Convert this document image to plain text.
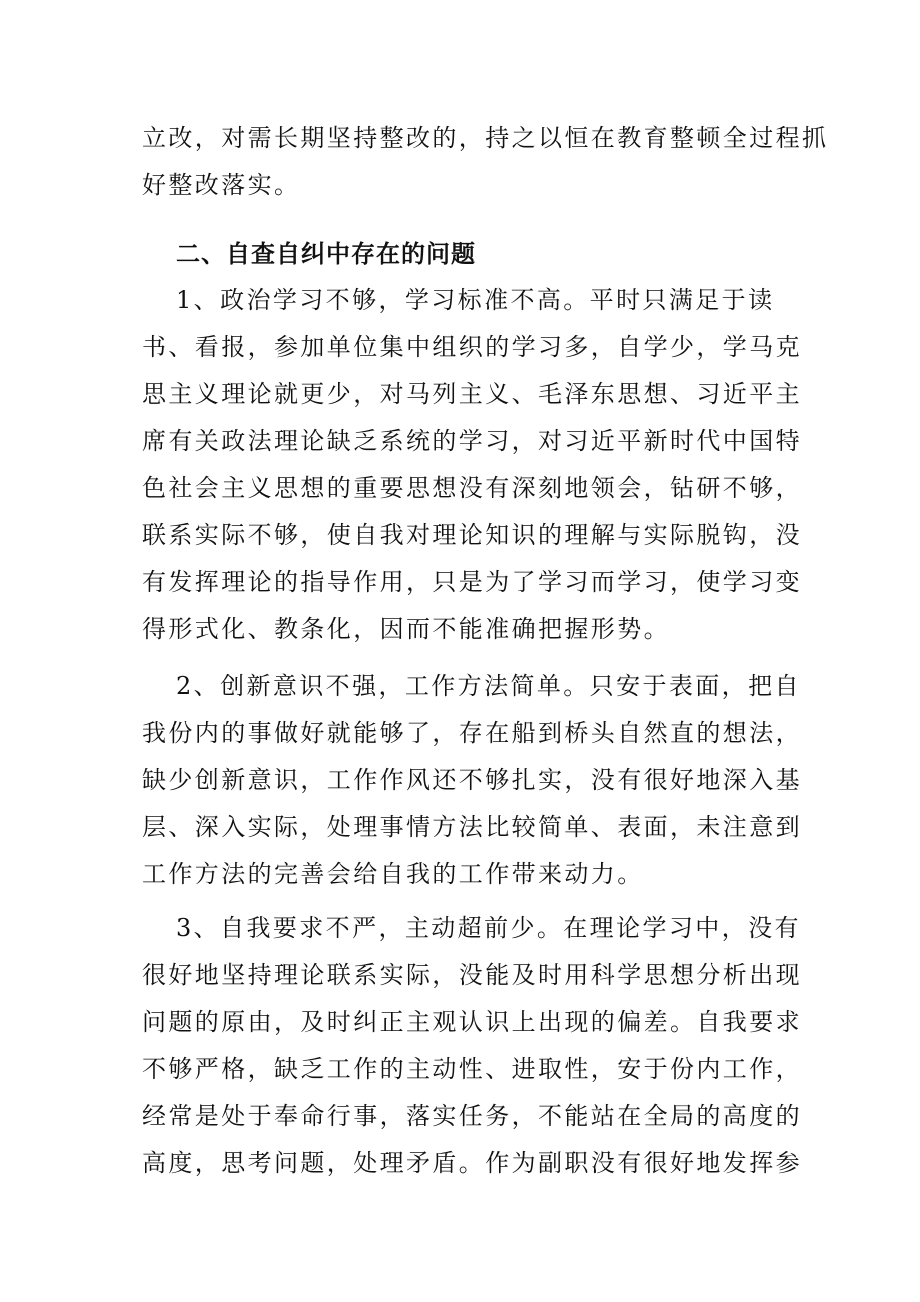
立改，对需长期坚持整改的，持之以恒在教育整顿全过程抓
好整改落实。
二、自查自纠中存在的问题
1、政治学习不够，学习标准不高。平时只满足于读
书、看报，参加单位集中组织的学习多，自学少，学马克
思主义理论就更少，对马列主义、毛泽东思想、习近平主
席有关政法理论缺乏系统的学习，对习近平新时代中国特
色社会主义思想的重要思想没有深刻地领会，钻研不够，
联系实际不够，使自我对理论知识的理解与实际脱钩，没
有发挥理论的指导作用，只是为了学习而学习，使学习变
得形式化、教条化，因而不能准确把握形势。
2、创新意识不强，工作方法简单。只安于表面，把自
我份内的事做好就能够了，存在船到桥头自然直的想法，
缺少创新意识，工作作风还不够扎实，没有很好地深入基
层、深入实际，处理事情方法比较简单、表面，未注意到
工作方法的完善会给自我的工作带来动力。
3、自我要求不严，主动超前少。在理论学习中，没有
很好地坚持理论联系实际，没能及时用科学思想分析出现
问题的原由，及时纠正主观认识上出现的偏差。自我要求
不够严格，缺乏工作的主动性、进取性，安于份内工作，
经常是处于奉命行事，落实任务，不能站在全局的高度的
高度，思考问题，处理矛盾。作为副职没有很好地发挥参
